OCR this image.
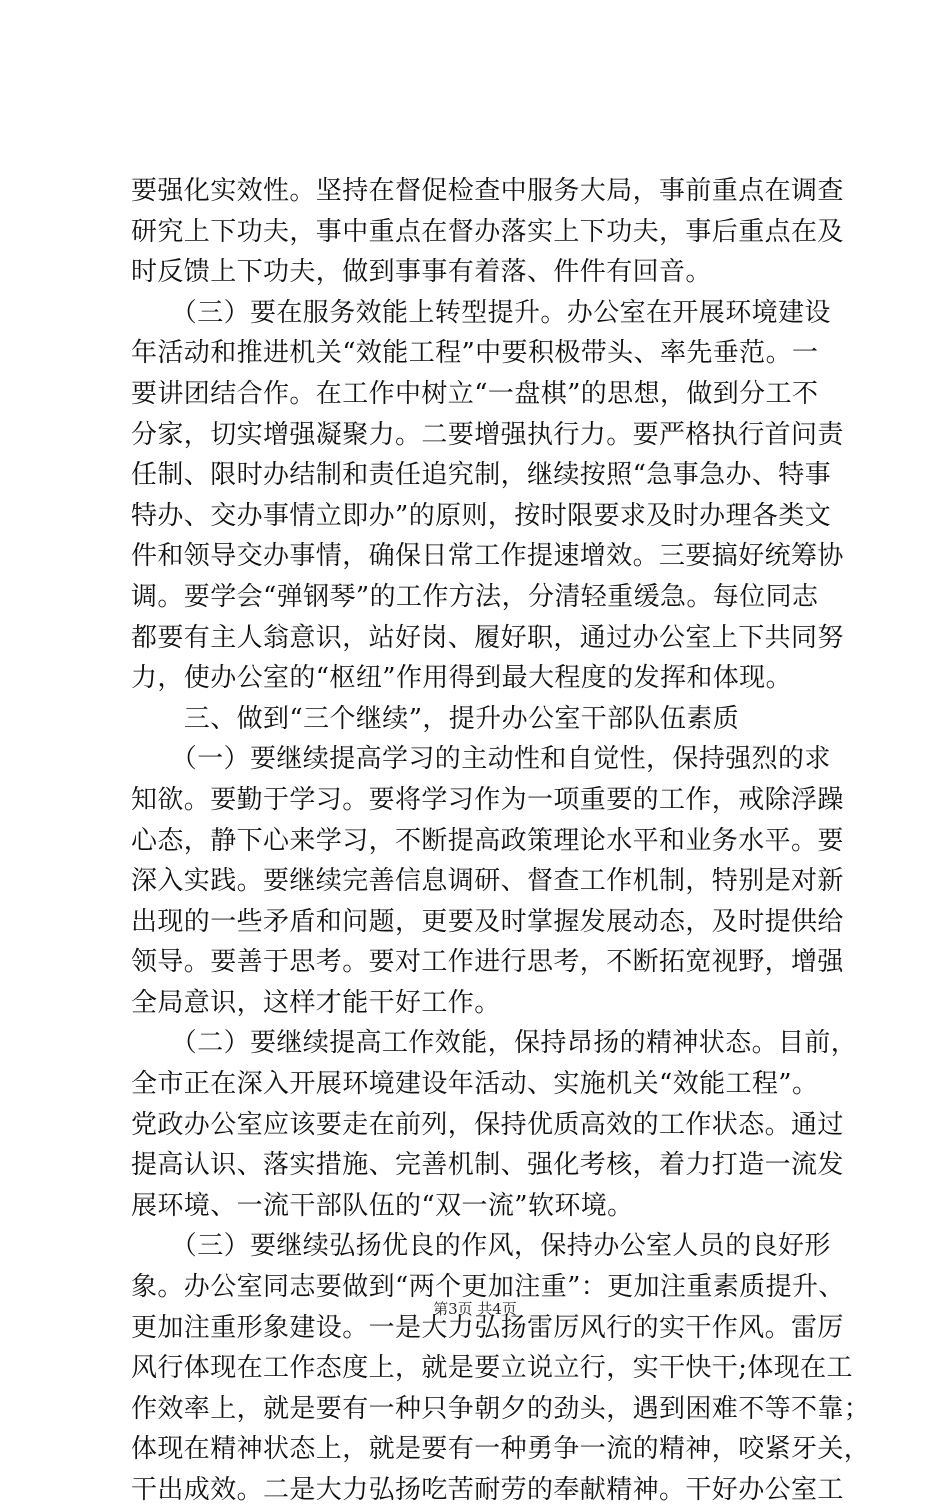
要强化实效性。坚持在督促检查中服务大局，事前重点在调查
研究上下功夫，事中重点在督办落实上下功夫，事后重点在及
时反馈上下功夫，做到事事有着落、件件有回音。
　　（三）要在服务效能上转型提升。办公室在开展环境建设
年活动和推进机关“效能工程”中要积极带头、率先垂范。一
要讲团结合作。在工作中树立“一盘棋”的思想，做到分工不
分家，切实增强凝聚力。二要增强执行力。要严格执行首问责
任制、限时办结制和责任追究制，继续按照“急事急办、特事
特办、交办事情立即办”的原则，按时限要求及时办理各类文
件和领导交办事情，确保日常工作提速增效。三要搞好统筹协
调。要学会“弹钢琴”的工作方法，分清轻重缓急。每位同志
都要有主人翁意识，站好岗、履好职，通过办公室上下共同努
力，使办公室的“枢纽”作用得到最大程度的发挥和体现。
　　三、做到“三个继续”，提升办公室干部队伍素质
　　（一）要继续提高学习的主动性和自觉性，保持强烈的求
知欲。要勤于学习。要将学习作为一项重要的工作，戒除浮躁
心态，静下心来学习，不断提高政策理论水平和业务水平。要
深入实践。要继续完善信息调研、督查工作机制，特别是对新
出现的一些矛盾和问题，更要及时掌握发展动态，及时提供给
领导。要善于思考。要对工作进行思考，不断拓宽视野，增强
全局意识，这样才能干好工作。
　　（二）要继续提高工作效能，保持昂扬的精神状态。目前，
全市正在深入开展环境建设年活动、实施机关“效能工程”。
党政办公室应该要走在前列，保持优质高效的工作状态。通过
提高认识、落实措施、完善机制、强化考核，着力打造一流发
展环境、一流干部队伍的“双一流”软环境。
　　（三）要继续弘扬优良的作风，保持办公室人员的良好形
象。办公室同志要做到“两个更加注重”：更加注重素质提升、
更加注重形象建设。一是大力弘扬雷厉风行的实干作风。雷厉
风行体现在工作态度上，就是要立说立行，实干快干;体现在工
作效率上，就是要有一种只争朝夕的劲头，遇到困难不等不靠；
体现在精神状态上，就是要有一种勇争一流的精神，咬紧牙关，
干出成效。二是大力弘扬吃苦耐劳的奉献精神。干好办公室工
第3页 共4页
